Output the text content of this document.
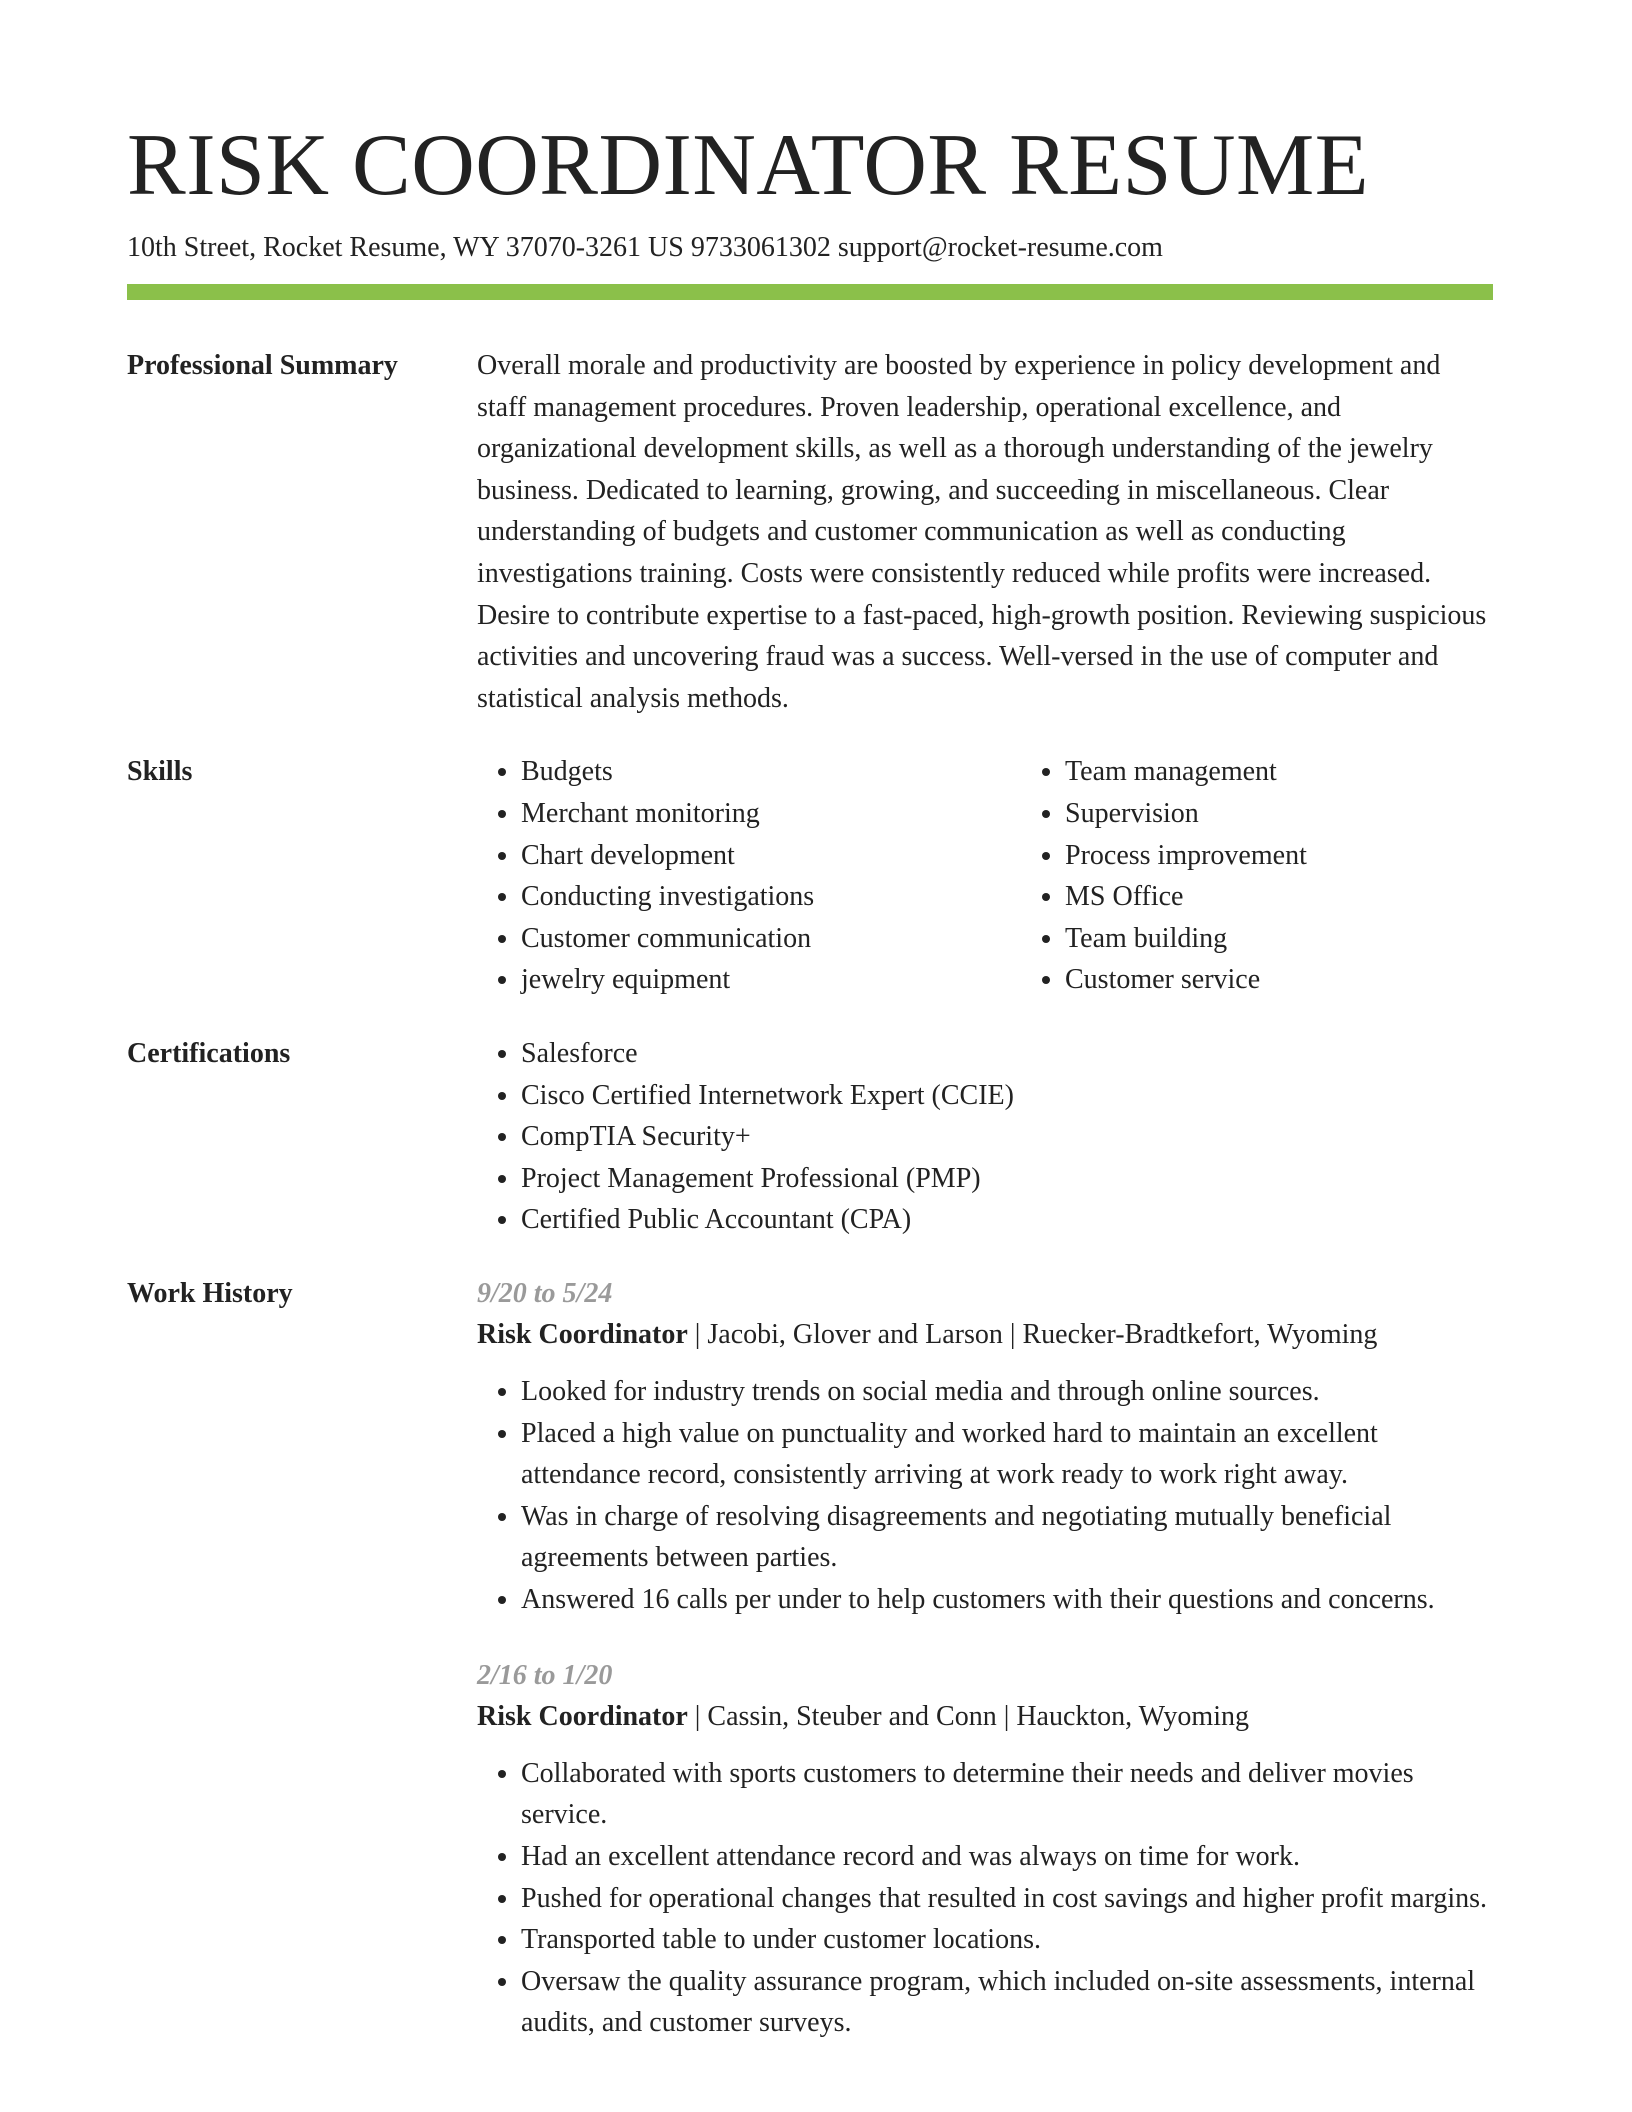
RISK COORDINATOR RESUME

10th Street, Rocket Resume, WY 37070-3261 US 9733061302 support@rocket-resume.com

Professional Summary	Overall morale and productivity are boosted by experience in policy development and staff management procedures. Proven leadership, operational excellence, and organizational development skills, as well as a thorough understanding of the jewelry business. Dedicated to learning, growing, and succeeding in miscellaneous. Clear understanding of budgets and customer communication as well as conducting investigations training. Costs were consistently reduced while profits were increased. Desire to contribute expertise to a fast-paced, high-growth position. Reviewing suspicious activities and uncovering fraud was a success. Well-versed in the use of computer and statistical analysis methods.

Skills	• Budgets
• Merchant monitoring
• Chart development
• Conducting investigations
• Customer communication
• jewelry equipment
• Team management
• Supervision
• Process improvement
• MS Office
• Team building
• Customer service
Certifications	• Salesforce
• Cisco Certified Internetwork Expert (CCIE)
• CompTIA Security+
• Project Management Professional (PMP)
• Certified Public Accountant (CPA)
Work History	9/20 to 5/24
Risk Coordinator | Jacobi, Glover and Larson | Ruecker-Bradtkefort, Wyoming
• Looked for industry trends on social media and through online sources.
• Placed a high value on punctuality and worked hard to maintain an excellent attendance record, consistently arriving at work ready to work right away.
• Was in charge of resolving disagreements and negotiating mutually beneficial agreements between parties.
• Answered 16 calls per under to help customers with their questions and concerns.
2/16 to 1/20
Risk Coordinator | Cassin, Steuber and Conn | Hauckton, Wyoming
• Collaborated with sports customers to determine their needs and deliver movies service.
• Had an excellent attendance record and was always on time for work.
• Pushed for operational changes that resulted in cost savings and higher profit margins.
• Transported table to under customer locations.
• Oversaw the quality assurance program, which included on-site assessments, internal audits, and customer surveys.
